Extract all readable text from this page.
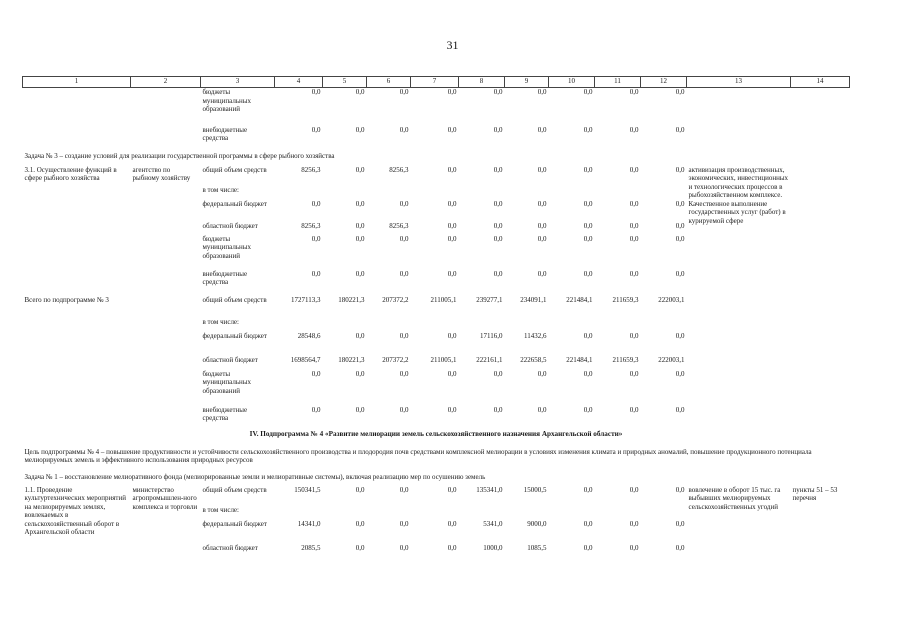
31
1	2	3	4	5	6	7	8	9	10	11	12	13	14
		бюджеты муниципальных образований	0,0	0,0	0,0	0,0	0,0	0,0	0,0	0,0	0,0		
		внебюджетные средства	0,0	0,0	0,0	0,0	0,0	0,0	0,0	0,0	0,0		
Задача № 3 – создание условий для реализации государственной программы в сфере рыбного хозяйства													
3.1. Осуществление функций в сфере рыбного хозяйства	агентство по рыбному хозяйству	общий объем средств	8256,3	0,0	8256,3	0,0	0,0	0,0	0,0	0,0	0,0	активизация производственных, экономических, инвестиционных и технологических процессов в рыбохозяйственном комплексе. Качественное выполнение государственных услуг (работ) в курируемой сфере	
		в том числе:											
		федеральный бюджет	0,0	0,0	0,0	0,0	0,0	0,0	0,0	0,0	0,0		
		областной бюджет	8256,3	0,0	8256,3	0,0	0,0	0,0	0,0	0,0	0,0		
		бюджеты муниципальных образований	0,0	0,0	0,0	0,0	0,0	0,0	0,0	0,0	0,0		
		внебюджетные средства	0,0	0,0	0,0	0,0	0,0	0,0	0,0	0,0	0,0		
Всего по подпрограмме № 3		общий объем средств	1727113,3	180221,3	207372,2	211005,1	239277,1	234091,1	221484,1	211659,3	222003,1		
		в том числе:											
		федеральный бюджет	28548,6	0,0	0,0	0,0	17116,0	11432,6	0,0	0,0	0,0		
		областной бюджет	1698564,7	180221,3	207372,2	211005,1	222161,1	222658,5	221484,1	211659,3	222003,1		
		бюджеты муниципальных образований	0,0	0,0	0,0	0,0	0,0	0,0	0,0	0,0	0,0		
		внебюджетные средства	0,0	0,0	0,0	0,0	0,0	0,0	0,0	0,0	0,0		
IV. Подпрограмма № 4 «Развитие мелиорации земель сельскохозяйственного назначения Архангельской области»													
Цель подпрограммы № 4 – повышение продуктивности и устойчивости сельскохозяйственного производства и плодородия почв средствами комплексной мелиорации в условиях изменения климата и природных аномалий, повышение продукционного потенциала мелиорируемых земель и эффективного использования природных ресурсов													
Задача № 1 – восстановление мелиоративного фонда (мелиорированные земли и мелиоративные системы), включая реализацию мер по осушению земель													
1.1. Проведение культуртехнических мероприятий на мелиорируемых землях, вовлекаемых в сельскохозяйственный оборот в Архангельской области	министерство агропромышлен-ного комплекса и торговли	общий объем средств	150341,5	0,0	0,0	0,0	135341,0	15000,5	0,0	0,0	0,0	вовлечение в оборот 15 тыс. га выбывших мелиорируемых сельскохозяйственных угодий	пункты 51 – 53 перечня
		в том числе:											
		федеральный бюджет	14341,0	0,0	0,0	0,0	5341,0	9000,0	0,0	0,0	0,0		
		областной бюджет	2085,5	0,0	0,0	0,0	1000,0	1085,5	0,0	0,0	0,0		
